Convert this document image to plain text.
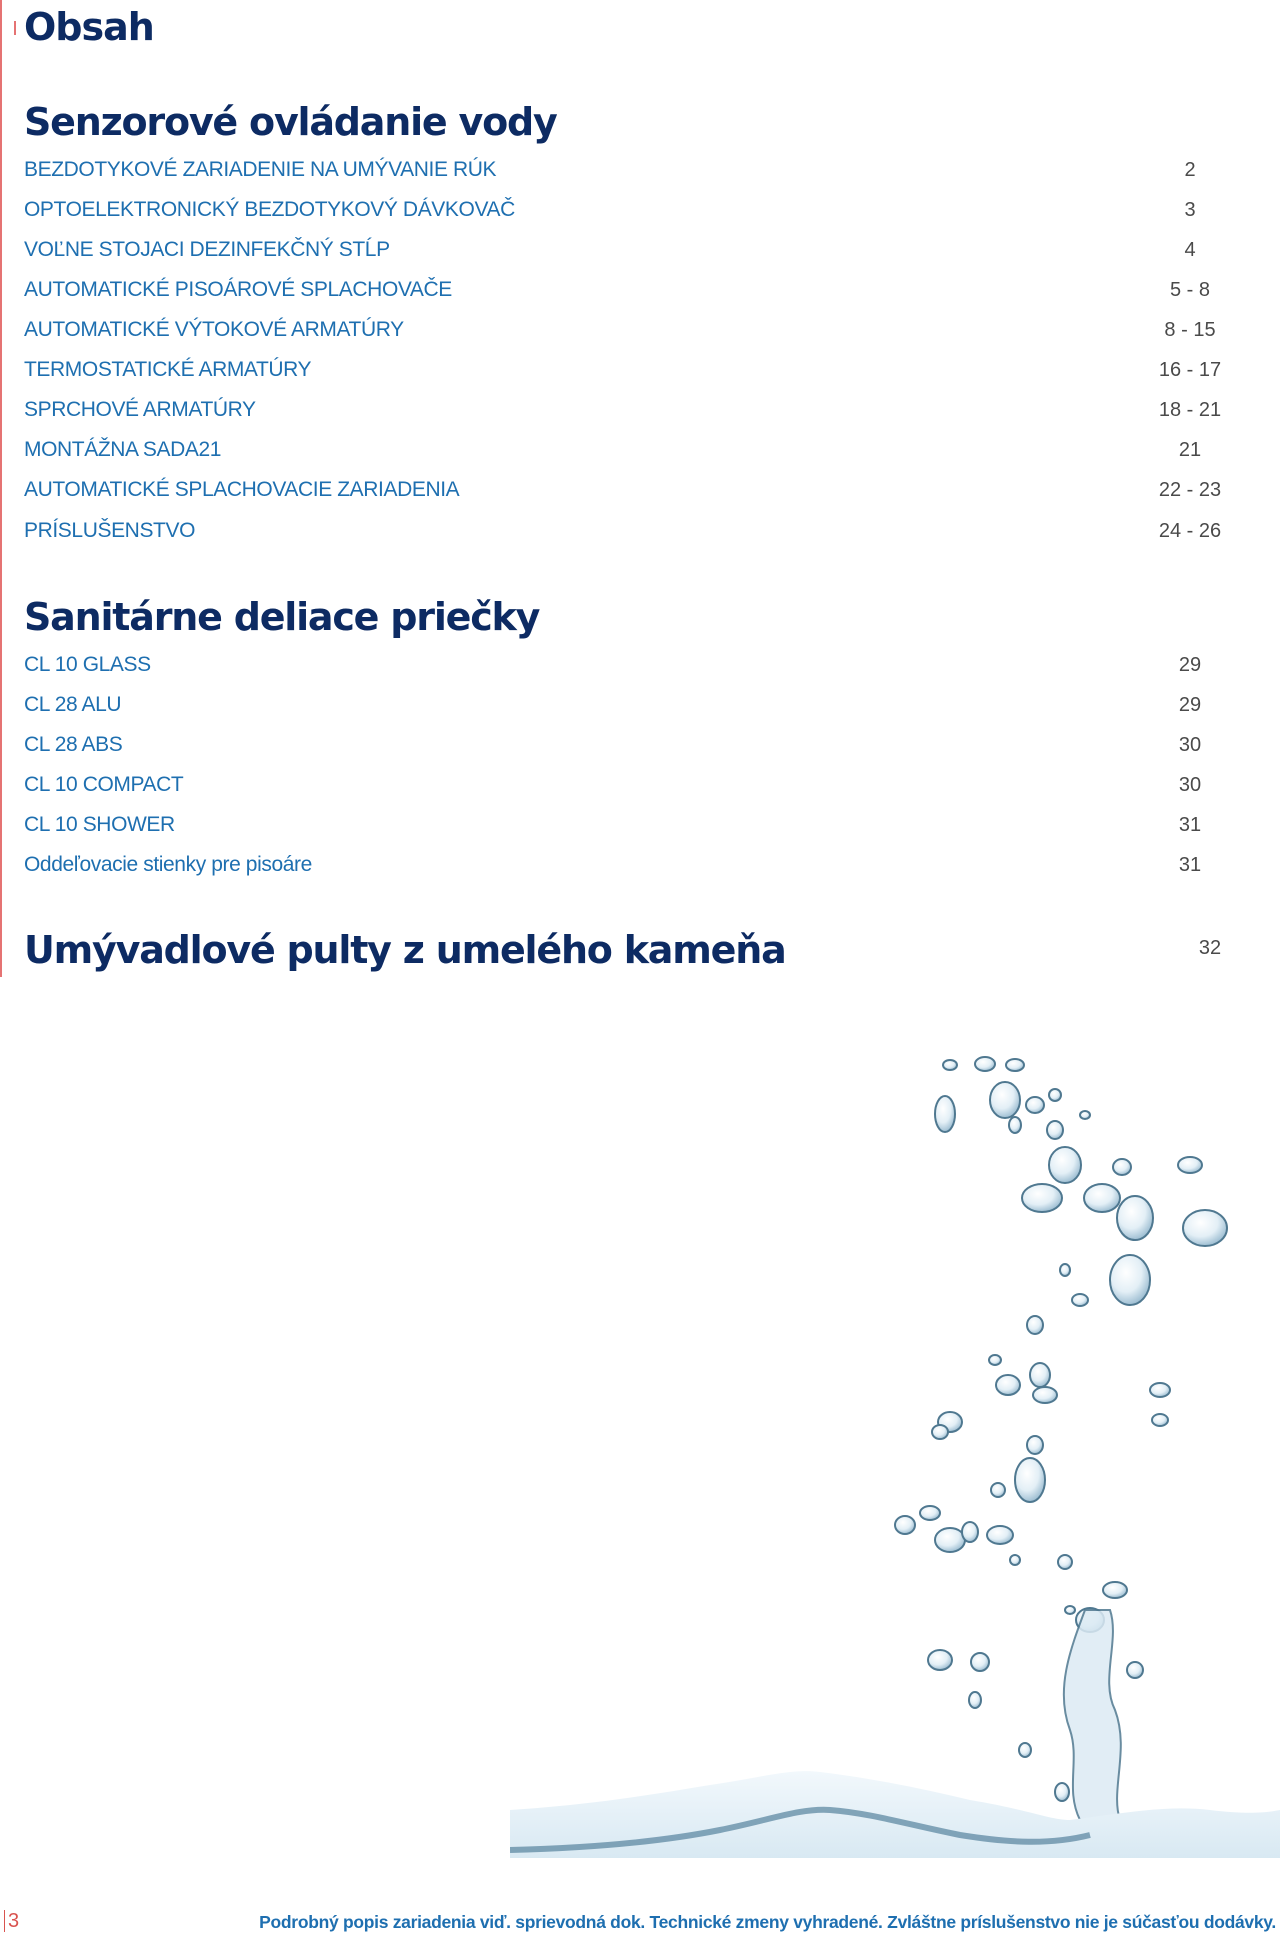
Obsah
Senzorové ovládanie vody
BEZDOTYKOVÉ ZARIADENIE NA UMÝVANIE RÚK	2
OPTOELEKTRONICKÝ BEZDOTYKOVÝ DÁVKOVAČ	3
VOĽNE STOJACI DEZINFEKČNÝ STĹP	4
AUTOMATICKÉ PISOÁROVÉ SPLACHOVAČE	5 - 8
AUTOMATICKÉ VÝTOKOVÉ ARMATÚRY	8 - 15
TERMOSTATICKÉ ARMATÚRY	16 - 17
SPRCHOVÉ ARMATÚRY	18 - 21
MONTÁŽNA SADA21	21
AUTOMATICKÉ SPLACHOVACIE ZARIADENIA	22 - 23
PRÍSLUŠENSTVO	24 - 26
Sanitárne deliace priečky
CL 10 GLASS	29
CL 28 ALU	29
CL 28 ABS	30
CL 10 COMPACT	30
CL 10 SHOWER	31
Oddeľovacie stienky pre pisoáre	31
Umývadlové pulty z umelého kameňa	32
3	Podrobný popis zariadenia viď. sprievodná dok. Technické zmeny vyhradené. Zvláštne príslušenstvo nie je súčasťou dodávky.
